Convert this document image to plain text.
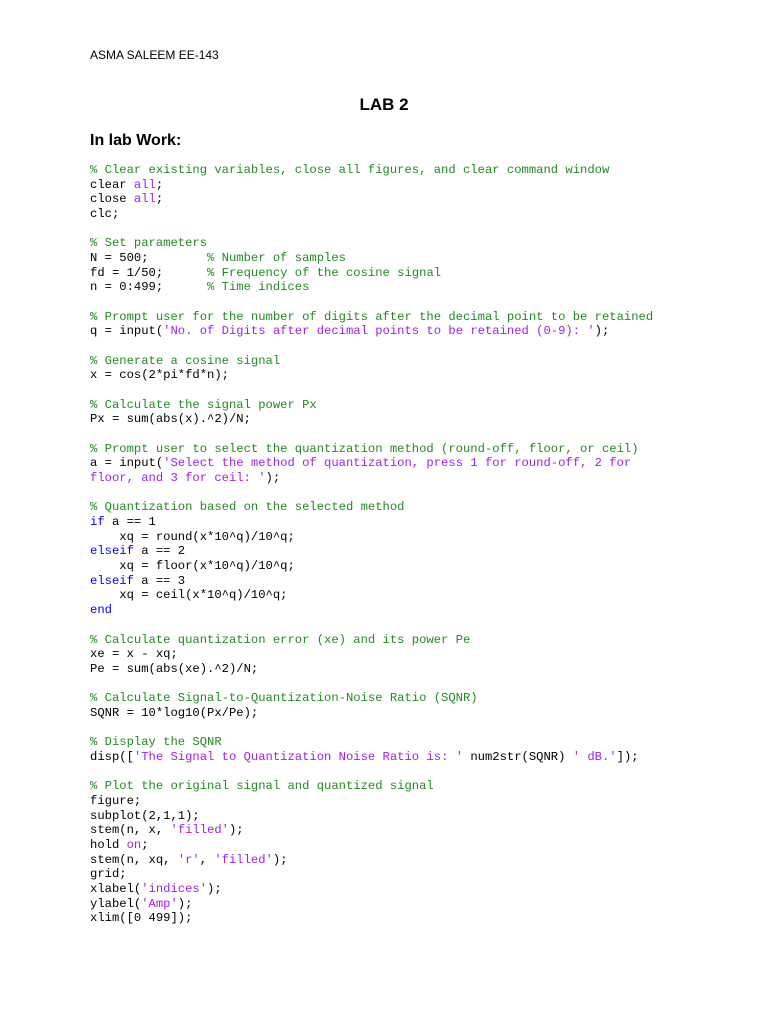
ASMA SALEEM EE-143
LAB 2
In lab Work:
% Clear existing variables, close all figures, and clear command window
clear all;
close all;
clc;

% Set parameters
N = 500;        % Number of samples
fd = 1/50;      % Frequency of the cosine signal
n = 0:499;      % Time indices

% Prompt user for the number of digits after the decimal point to be retained
q = input('No. of Digits after decimal points to be retained (0-9): ');

% Generate a cosine signal
x = cos(2*pi*fd*n);

% Calculate the signal power Px
Px = sum(abs(x).^2)/N;

% Prompt user to select the quantization method (round-off, floor, or ceil)
a = input('Select the method of quantization, press 1 for round-off, 2 for
floor, and 3 for ceil: ');

% Quantization based on the selected method
if a == 1
xq = round(x*10^q)/10^q;
elseif a == 2
xq = floor(x*10^q)/10^q;
elseif a == 3
xq = ceil(x*10^q)/10^q;
end

% Calculate quantization error (xe) and its power Pe
xe = x - xq;
Pe = sum(abs(xe).^2)/N;

% Calculate Signal-to-Quantization-Noise Ratio (SQNR)
SQNR = 10*log10(Px/Pe);

% Display the SQNR
disp(['The Signal to Quantization Noise Ratio is: ' num2str(SQNR) ' dB.']);

% Plot the original signal and quantized signal
figure;
subplot(2,1,1);
stem(n, x, 'filled');
hold on;
stem(n, xq, 'r', 'filled');
grid;
xlabel('indices');
ylabel('Amp');
xlim([0 499]);
